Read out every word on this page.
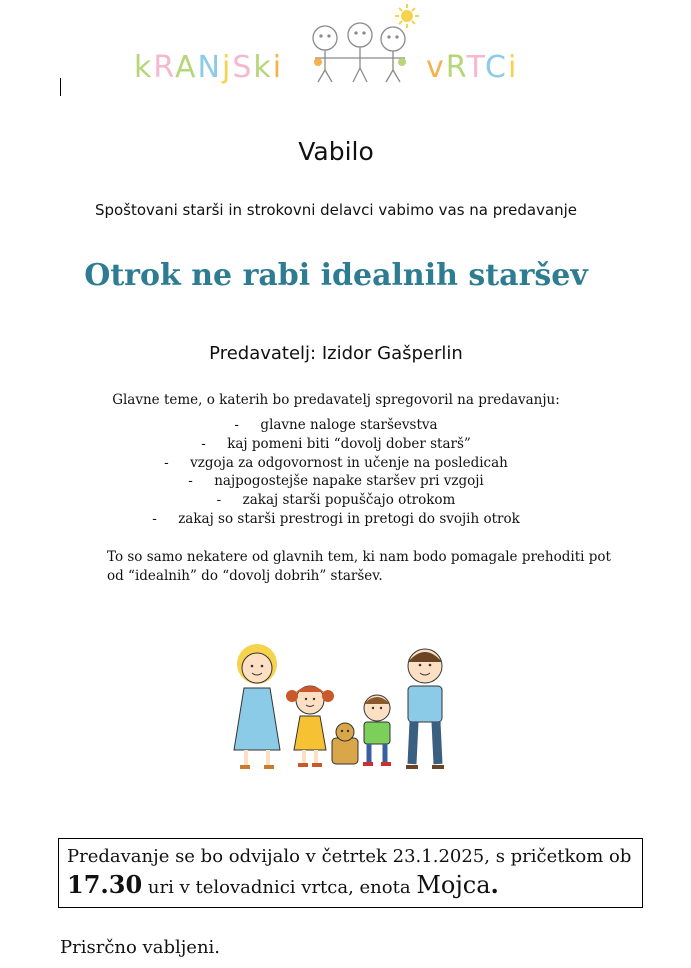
kRANjSki	vRTCi
Vabilo
Spoštovani starši in strokovni delavci vabimo vas na predavanje
Otrok ne rabi idealnih staršev
Predavatelj: Izidor Gašperlin
Glavne teme, o katerih bo predavatelj spregovoril na predavanju:
- glavne naloge starševstva
- kaj pomeni biti “dovolj dober starš”
- vzgoja za odgovornost in učenje na posledicah
- najpogostejše napake staršev pri vzgoji
- zakaj starši popuščajo otrokom
- zakaj so starši prestrogi in pretogi do svojih otrok
To so samo nekatere od glavnih tem, ki nam bodo pomagale prehoditi pot od “idealnih” do “dovolj dobrih” staršev.
Predavanje se bo odvijalo v četrtek 23.1.2025, s pričetkom ob
17.30 uri v telovadnici vrtca, enota Mojca.
Prisrčno vabljeni.
